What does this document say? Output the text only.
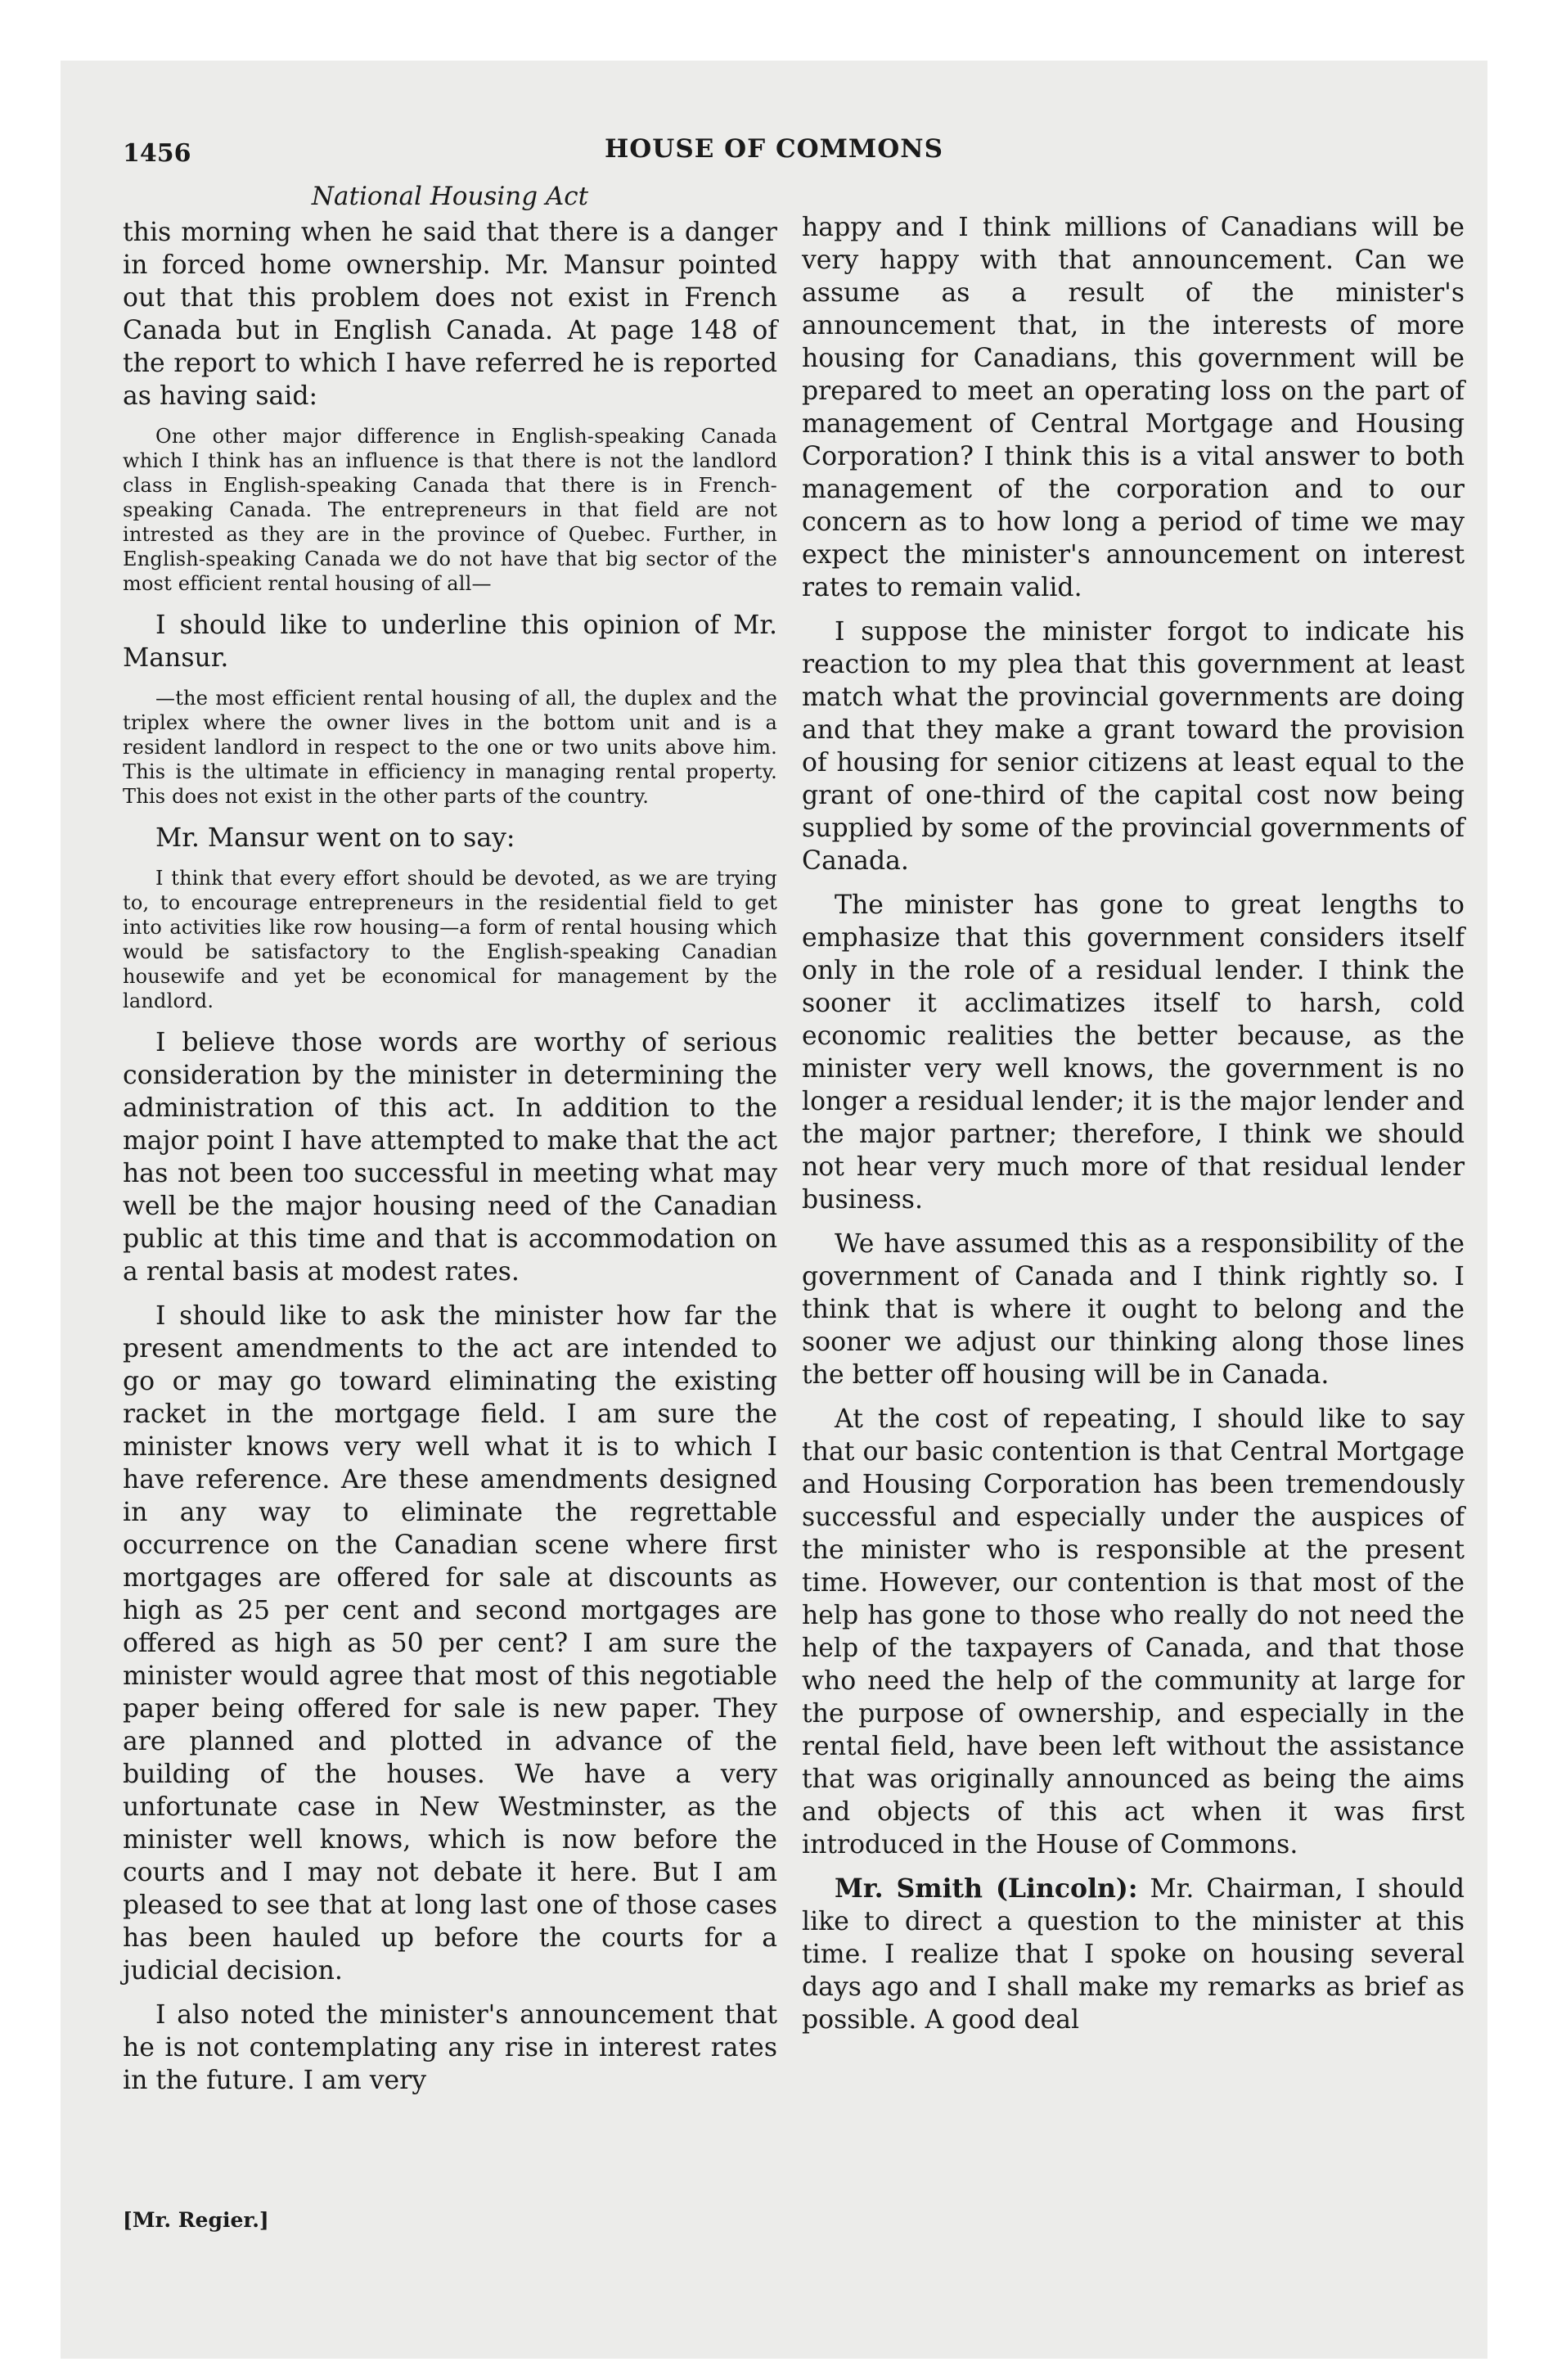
1456	HOUSE OF COMMONS
National Housing Act

this morning when he said that there is a danger in forced home ownership. Mr. Mansur pointed out that this problem does not exist in French Canada but in English Canada. At page 148 of the report to which I have referred he is reported as having said:

One other major difference in English-speaking Canada which I think has an influence is that there is not the landlord class in English-speaking Canada that there is in French-speaking Canada. The entrepreneurs in that field are not intrested as they are in the province of Quebec. Further, in English-speaking Canada we do not have that big sector of the most efficient rental housing of all—

I should like to underline this opinion of Mr. Mansur.

—the most efficient rental housing of all, the duplex and the triplex where the owner lives in the bottom unit and is a resident landlord in respect to the one or two units above him. This is the ultimate in efficiency in managing rental property. This does not exist in the other parts of the country.

Mr. Mansur went on to say:

I think that every effort should be devoted, as we are trying to, to encourage entrepreneurs in the residential field to get into activities like row housing—a form of rental housing which would be satisfactory to the English-speaking Canadian housewife and yet be economical for management by the landlord.

I believe those words are worthy of serious consideration by the minister in determining the administration of this act. In addition to the major point I have attempted to make that the act has not been too successful in meeting what may well be the major housing need of the Canadian public at this time and that is accommodation on a rental basis at modest rates.

I should like to ask the minister how far the present amendments to the act are intended to go or may go toward eliminating the existing racket in the mortgage field. I am sure the minister knows very well what it is to which I have reference. Are these amendments designed in any way to eliminate the regrettable occurrence on the Canadian scene where first mortgages are offered for sale at discounts as high as 25 per cent and second mortgages are offered as high as 50 per cent? I am sure the minister would agree that most of this negotiable paper being offered for sale is new paper. They are planned and plotted in advance of the building of the houses. We have a very unfortunate case in New Westminster, as the minister well knows, which is now before the courts and I may not debate it here. But I am pleased to see that at long last one of those cases has been hauled up before the courts for a judicial decision.

I also noted the minister's announcement that he is not contemplating any rise in interest rates in the future. I am very

happy and I think millions of Canadians will be very happy with that announcement. Can we assume as a result of the minister's announcement that, in the interests of more housing for Canadians, this government will be prepared to meet an operating loss on the part of management of Central Mortgage and Housing Corporation? I think this is a vital answer to both management of the corporation and to our concern as to how long a period of time we may expect the minister's announcement on interest rates to remain valid.

I suppose the minister forgot to indicate his reaction to my plea that this government at least match what the provincial governments are doing and that they make a grant toward the provision of housing for senior citizens at least equal to the grant of one-third of the capital cost now being supplied by some of the provincial governments of Canada.

The minister has gone to great lengths to emphasize that this government considers itself only in the role of a residual lender. I think the sooner it acclimatizes itself to harsh, cold economic realities the better because, as the minister very well knows, the government is no longer a residual lender; it is the major lender and the major partner; therefore, I think we should not hear very much more of that residual lender business.

We have assumed this as a responsibility of the government of Canada and I think rightly so. I think that is where it ought to belong and the sooner we adjust our thinking along those lines the better off housing will be in Canada.

At the cost of repeating, I should like to say that our basic contention is that Central Mortgage and Housing Corporation has been tremendously successful and especially under the auspices of the minister who is responsible at the present time. However, our contention is that most of the help has gone to those who really do not need the help of the taxpayers of Canada, and that those who need the help of the community at large for the purpose of ownership, and especially in the rental field, have been left without the assistance that was originally announced as being the aims and objects of this act when it was first introduced in the House of Commons.

Mr. Smith (Lincoln): Mr. Chairman, I should like to direct a question to the minister at this time. I realize that I spoke on housing several days ago and I shall make my remarks as brief as possible. A good deal

[Mr. Regier.]
